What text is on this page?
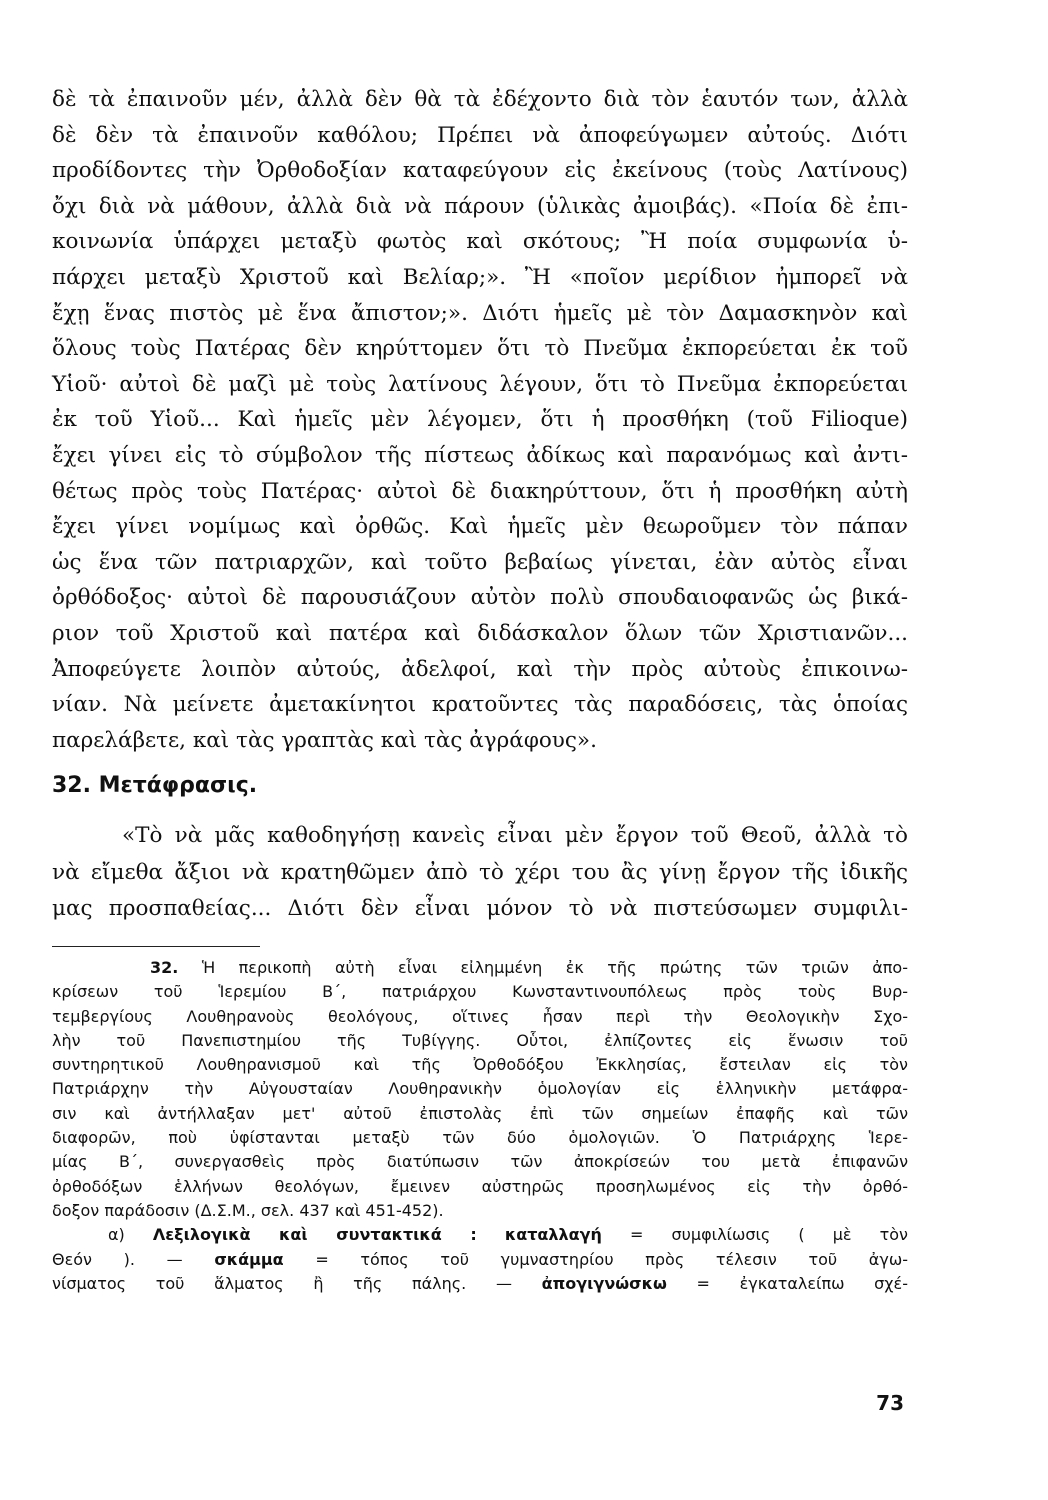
δὲ τὰ ἐπαινοῦν μέν, ἀλλὰ δὲν θὰ τὰ ἐδέχοντο διὰ τὸν ἑαυτόν των, ἀλλὰ
δὲ δὲν τὰ ἐπαινοῦν καθόλου; Πρέπει νὰ ἀποφεύγωμεν αὐτούς. Διότι
προδίδοντες τὴν Ὀρθοδοξίαν καταφεύγουν εἰς ἐκείνους (τοὺς Λατίνους)
ὄχι διὰ νὰ μάθουν, ἀλλὰ διὰ νὰ πάρουν (ὑλικὰς ἀμοιβάς). «Ποία δὲ ἐπι-
κοινωνία ὑπάρχει μεταξὺ φωτὸς καὶ σκότους; Ἢ ποία συμφωνία ὑ-
πάρχει μεταξὺ Χριστοῦ καὶ Βελίαρ;». Ἢ «ποῖον μερίδιον ἠμπορεῖ νὰ
ἔχῃ ἕνας πιστὸς μὲ ἕνα ἄπιστον;». Διότι ἡμεῖς μὲ τὸν Δαμασκηνὸν καὶ
ὅλους τοὺς Πατέρας δὲν κηρύττομεν ὅτι τὸ Πνεῦμα ἐκπορεύεται ἐκ τοῦ
Υἱοῦ· αὐτοὶ δὲ μαζὶ μὲ τοὺς λατίνους λέγουν, ὅτι τὸ Πνεῦμα ἐκπορεύεται
ἐκ τοῦ Υἱοῦ... Καὶ ἡμεῖς μὲν λέγομεν, ὅτι ἡ προσθήκη (τοῦ Filioque)
ἔχει γίνει εἰς τὸ σύμβολον τῆς πίστεως ἀδίκως καὶ παρανόμως καὶ ἀντι-
θέτως πρὸς τοὺς Πατέρας· αὐτοὶ δὲ διακηρύττουν, ὅτι ἡ προσθήκη αὐτὴ
ἔχει γίνει νομίμως καὶ ὀρθῶς. Καὶ ἡμεῖς μὲν θεωροῦμεν τὸν πάπαν
ὡς ἕνα τῶν πατριαρχῶν, καὶ τοῦτο βεβαίως γίνεται, ἐὰν αὐτὸς εἶναι
ὀρθόδοξος· αὐτοὶ δὲ παρουσιάζουν αὐτὸν πολὺ σπουδαιοφανῶς ὡς βικά-
ριον τοῦ Χριστοῦ καὶ πατέρα καὶ διδάσκαλον ὅλων τῶν Χριστιανῶν...
Ἀποφεύγετε λοιπὸν αὐτούς, ἀδελφοί, καὶ τὴν πρὸς αὐτοὺς ἐπικοινω-
νίαν. Νὰ μείνετε ἀμετακίνητοι κρατοῦντες τὰς παραδόσεις, τὰς ὁποίας
παρελάβετε, καὶ τὰς γραπτὰς καὶ τὰς ἀγράφους».
32. Μετάφρασις.
«Τὸ νὰ μᾶς καθοδηγήσῃ κανεὶς εἶναι μὲν ἔργον τοῦ Θεοῦ, ἀλλὰ τὸ
νὰ εἴμεθα ἄξιοι νὰ κρατηθῶμεν ἀπὸ τὸ χέρι του ἂς γίνῃ ἔργον τῆς ἰδικῆς
μας προσπαθείας... Διότι δὲν εἶναι μόνον τὸ νὰ πιστεύσωμεν συμφιλι-
32. Ἡ περικοπὴ αὐτὴ εἶναι εἰλημμένη ἐκ τῆς πρώτης τῶν τριῶν ἀπο-
κρίσεων τοῦ Ἱερεμίου Β΄, πατριάρχου Κωνσταντινουπόλεως πρὸς τοὺς Βυρ-
τεμβεργίους Λουθηρανοὺς θεολόγους, οἵτινες ἦσαν περὶ τὴν Θεολογικὴν Σχο-
λὴν τοῦ Πανεπιστημίου τῆς Τυβίγγης. Οὗτοι, ἐλπίζοντες εἰς ἕνωσιν τοῦ
συντηρητικοῦ Λουθηρανισμοῦ καὶ τῆς Ὀρθοδόξου Ἐκκλησίας, ἔστειλαν εἰς τὸν
Πατριάρχην τὴν Αὐγουσταίαν Λουθηρανικὴν ὁμολογίαν εἰς ἑλληνικὴν μετάφρα-
σιν καὶ ἀντήλλαξαν μετ' αὐτοῦ ἐπιστολὰς ἐπὶ τῶν σημείων ἐπαφῆς καὶ τῶν
διαφορῶν, ποὺ ὑφίστανται μεταξὺ τῶν δύο ὁμολογιῶν. Ὁ Πατριάρχης Ἱερε-
μίας Β΄, συνεργασθεὶς πρὸς διατύπωσιν τῶν ἀποκρίσεών του μετὰ ἐπιφανῶν
ὀρθοδόξων ἑλλήνων θεολόγων, ἔμεινεν αὐστηρῶς προσηλωμένος εἰς τὴν ὀρθό-
δοξον παράδοσιν (Δ.Σ.Μ., σελ. 437 καὶ 451-452).
α) Λεξιλογικὰ καὶ συντακτικά : καταλλαγή = συμφιλίωσις ( μὲ τὸν
Θεόν ). — σκάμμα = τόπος τοῦ γυμναστηρίου πρὸς τέλεσιν τοῦ ἀγω-
νίσματος τοῦ ἅλματος ἢ τῆς πάλης. — ἀπογιγνώσκω = ἐγκαταλείπω σχέ-
73
